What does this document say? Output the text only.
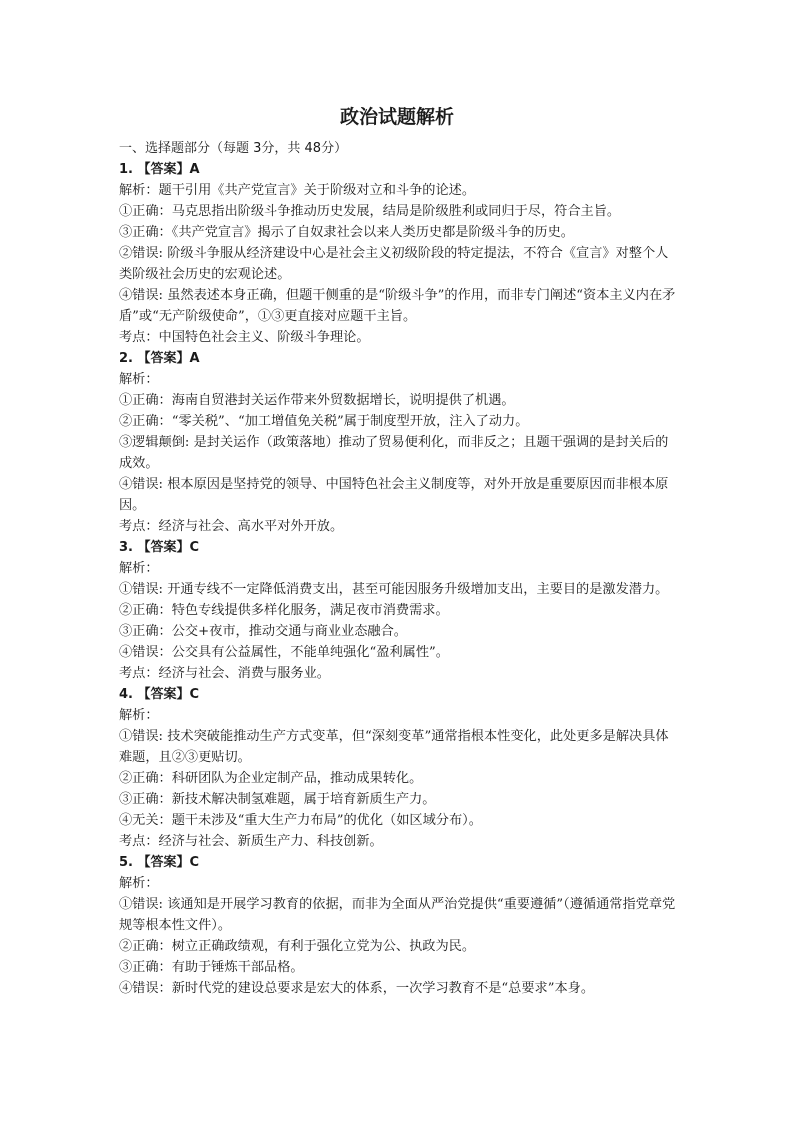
政治试题解析
一、选择题部分（每题 3分，共 48分）
1. 【答案】A
解析：题干引用《共产党宣言》关于阶级对立和斗争的论述。
①正确：马克思指出阶级斗争推动历史发展，结局是阶级胜利或同归于尽，符合主旨。
③正确：《共产党宣言》揭示了自奴隶社会以来人类历史都是阶级斗争的历史。
②错误: 阶级斗争服从经济建设中心是社会主义初级阶段的特定提法，不符合《宣言》对整个人类阶级社会历史的宏观论述。
④错误: 虽然表述本身正确，但题干侧重的是“阶级斗争”的作用，而非专门阐述“资本主义内在矛盾”或“无产阶级使命”，①③更直接对应题干主旨。
考点：中国特色社会主义、阶级斗争理论。
2. 【答案】A
解析：
①正确：海南自贸港封关运作带来外贸数据增长，说明提供了机遇。
②正确：“零关税”、“加工增值免关税”属于制度型开放，注入了动力。
③逻辑颠倒: 是封关运作（政策落地）推动了贸易便利化，而非反之；且题干强调的是封关后的成效。
④错误: 根本原因是坚持党的领导、中国特色社会主义制度等，对外开放是重要原因而非根本原因。
考点：经济与社会、高水平对外开放。
3. 【答案】C
解析：
①错误: 开通专线不一定降低消费支出，甚至可能因服务升级增加支出，主要目的是激发潜力。
②正确：特色专线提供多样化服务，满足夜市消费需求。
③正确：公交+夜市，推动交通与商业业态融合。
④错误：公交具有公益属性，不能单纯强化“盈利属性”。
考点：经济与社会、消费与服务业。
4. 【答案】C
解析：
①错误: 技术突破能推动生产方式变革，但“深刻变革”通常指根本性变化，此处更多是解决具体难题，且②③更贴切。
②正确：科研团队为企业定制产品，推动成果转化。
③正确：新技术解决制氢难题，属于培育新质生产力。
④无关：题干未涉及“重大生产力布局”的优化（如区域分布）。
考点：经济与社会、新质生产力、科技创新。
5. 【答案】C
解析：
①错误: 该通知是开展学习教育的依据，而非为全面从严治党提供“重要遵循”（遵循通常指党章党规等根本性文件）。
②正确：树立正确政绩观，有利于强化立党为公、执政为民。
③正确：有助于锤炼干部品格。
④错误：新时代党的建设总要求是宏大的体系，一次学习教育不是“总要求”本身。
